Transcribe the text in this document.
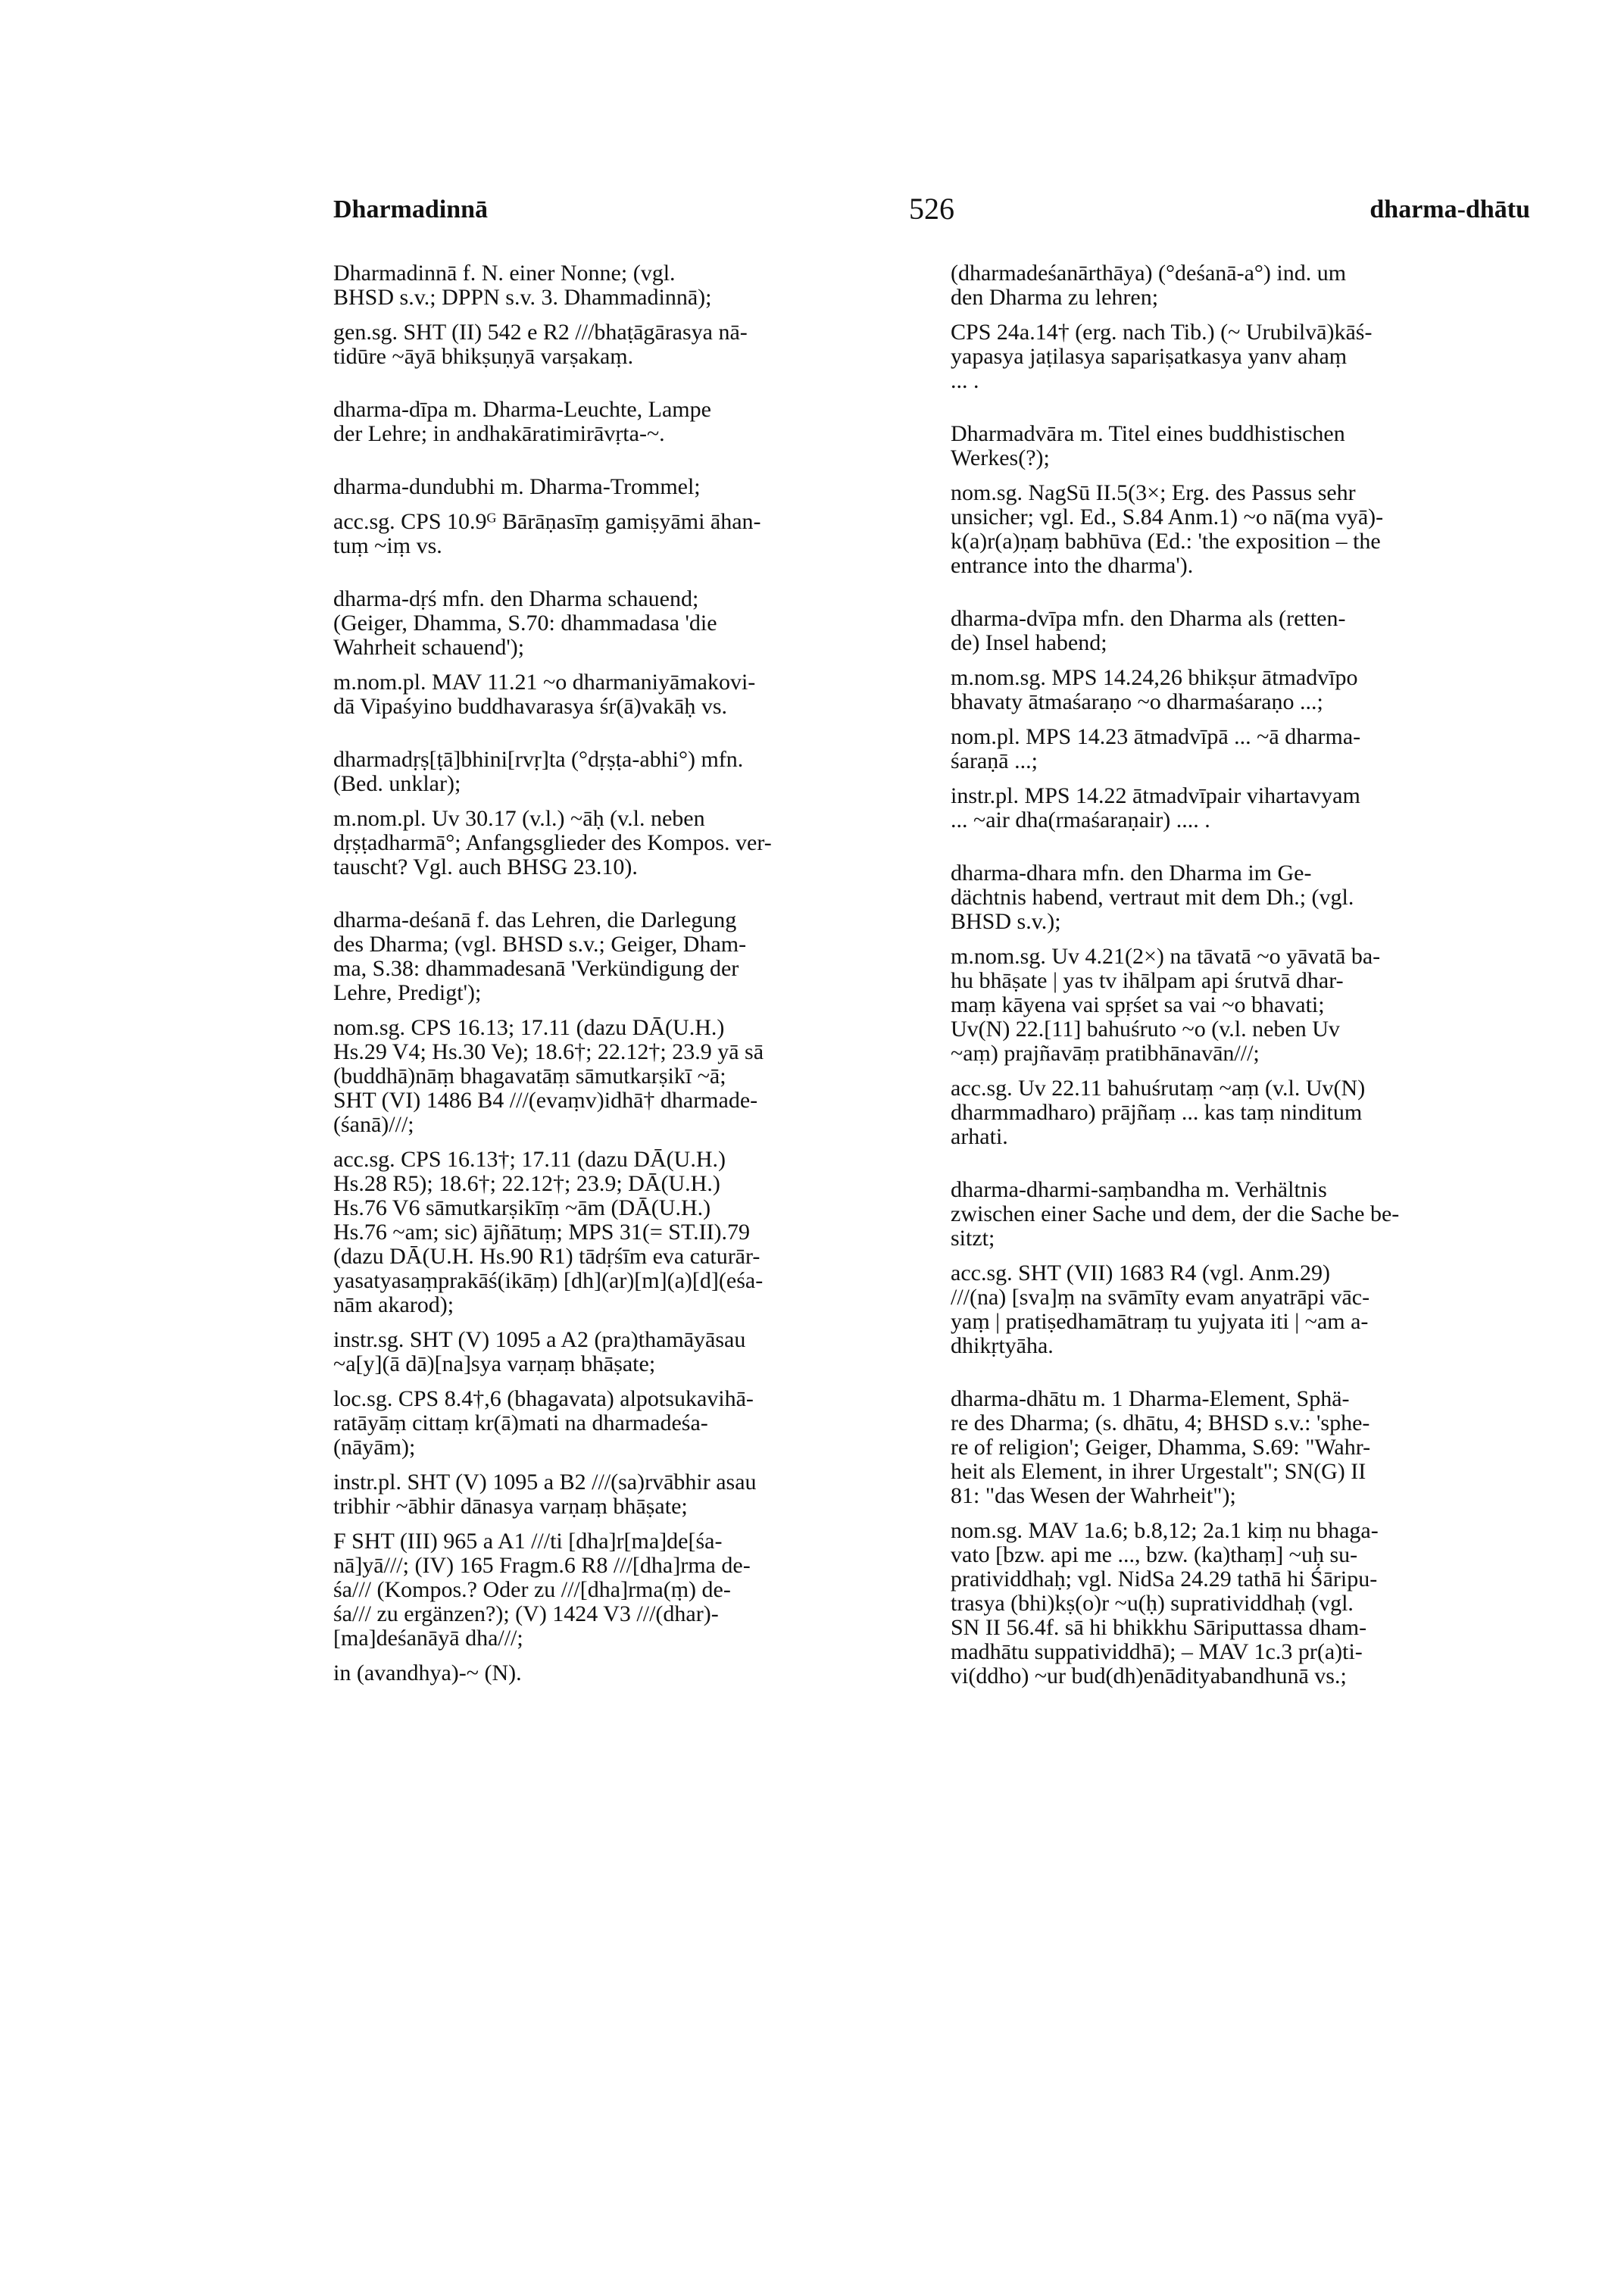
Dharmadinnā	526	dharma-dhātu
Dharmadinnā f. N. einer Nonne; (vgl.
BHSD s.v.; DPPN s.v. 3. Dhammadinnā);
gen.sg. SHT (II) 542 e R2 ///bhaṭāgārasya nā-
tidūre ~āyā bhikṣuṇyā varṣakaṃ.
dharma-dīpa m. Dharma-Leuchte, Lampe
der Lehre; in andhakāratimirāvṛta-~.
dharma-dundubhi m. Dharma-Trommel;
acc.sg. CPS 10.9ᴳ Bārāṇasīṃ gamiṣyāmi āhan-
tuṃ ~iṃ vs.
dharma-dṛś mfn. den Dharma schauend;
(Geiger, Dhamma, S.70: dhammadasa 'die
Wahrheit schauend');
m.nom.pl. MAV 11.21 ~o dharmaniyāmakovi-
dā Vipaśyino buddhavarasya śr(ā)vakāḥ vs.
dharmadṛṣ[ṭā]bhini[rvṛ]ta (°dṛṣṭa-abhi°) mfn.
(Bed. unklar);
m.nom.pl. Uv 30.17 (v.l.) ~āḥ (v.l. neben
dṛṣṭadharmā°; Anfangsglieder des Kompos. ver-
tauscht? Vgl. auch BHSG 23.10).
dharma-deśanā f. das Lehren, die Darlegung
des Dharma; (vgl. BHSD s.v.; Geiger, Dham-
ma, S.38: dhammadesanā 'Verkündigung der
Lehre, Predigt');
nom.sg. CPS 16.13; 17.11 (dazu DĀ(U.H.)
Hs.29 V4; Hs.30 Ve); 18.6†; 22.12†; 23.9 yā sā
(buddhā)nāṃ bhagavatāṃ sāmutkarṣikī ~ā;
SHT (VI) 1486 B4 ///(evaṃv)idhā† dharmade-
(śanā)///;
acc.sg. CPS 16.13†; 17.11 (dazu DĀ(U.H.)
Hs.28 R5); 18.6†; 22.12†; 23.9; DĀ(U.H.)
Hs.76 V6 sāmutkarṣikīṃ ~ām (DĀ(U.H.)
Hs.76 ~am; sic) ājñātuṃ; MPS 31(= ST.II).79
(dazu DĀ(U.H. Hs.90 R1) tādṛśīm eva caturār-
yasatyasaṃprakāś(ikāṃ) [dh](ar)[m](a)[d](eśa-
nām akarod);
instr.sg. SHT (V) 1095 a A2 (pra)thamāyāsau
~a[y](ā dā)[na]sya varṇaṃ bhāṣate;
loc.sg. CPS 8.4†,6 (bhagavata) alpotsukavihā-
ratāyāṃ cittaṃ kr(ā)mati na dharmadeśa-
(nāyām);
instr.pl. SHT (V) 1095 a B2 ///(sa)rvābhir asau
tribhir ~ābhir dānasya varṇaṃ bhāṣate;
F SHT (III) 965 a A1 ///ti [dha]r[ma]de[śa-
nā]yā///; (IV) 165 Fragm.6 R8 ///[dha]rma de-
śa/// (Kompos.? Oder zu ///[dha]rma(ṃ) de-
śa/// zu ergänzen?); (V) 1424 V3 ///(dhar)-
[ma]deśanāyā dha///;
in (avandhya)-~ (N).
(dharmadeśanārthāya) (°deśanā-a°) ind. um
den Dharma zu lehren;
CPS 24a.14† (erg. nach Tib.) (~ Urubilvā)kāś-
yapasya jaṭilasya sapariṣatkasya yanv ahaṃ
... .
Dharmadvāra m. Titel eines buddhistischen
Werkes(?);
nom.sg. NagSū II.5(3×; Erg. des Passus sehr
unsicher; vgl. Ed., S.84 Anm.1) ~o nā(ma vyā)-
k(a)r(a)ṇaṃ babhūva (Ed.: 'the exposition – the
entrance into the dharma').
dharma-dvīpa mfn. den Dharma als (retten-
de) Insel habend;
m.nom.sg. MPS 14.24,26 bhikṣur ātmadvīpo
bhavaty ātmaśaraṇo ~o dharmaśaraṇo ...;
nom.pl. MPS 14.23 ātmadvīpā ... ~ā dharma-
śaraṇā ...;
instr.pl. MPS 14.22 ātmadvīpair vihartavyam
... ~air dha(rmaśaraṇair) .... .
dharma-dhara mfn. den Dharma im Ge-
dächtnis habend, vertraut mit dem Dh.; (vgl.
BHSD s.v.);
m.nom.sg. Uv 4.21(2×) na tāvatā ~o yāvatā ba-
hu bhāṣate | yas tv ihālpam api śrutvā dhar-
maṃ kāyena vai spṛśet sa vai ~o bhavati;
Uv(N) 22.[11] bahuśruto ~o (v.l. neben Uv
~aṃ) prajñavāṃ pratibhānavān///;
acc.sg. Uv 22.11 bahuśrutaṃ ~aṃ (v.l. Uv(N)
dharmmadharo) prājñaṃ ... kas taṃ ninditum
arhati.
dharma-dharmi-saṃbandha m. Verhältnis
zwischen einer Sache und dem, der die Sache be-
sitzt;
acc.sg. SHT (VII) 1683 R4 (vgl. Anm.29)
///(na) [sva]ṃ na svāmīty evam anyatrāpi vāc-
yaṃ | pratiṣedhamātraṃ tu yujyata iti | ~am a-
dhikṛtyāha.
dharma-dhātu m. 1 Dharma-Element, Sphä-
re des Dharma; (s. dhātu, 4; BHSD s.v.: 'sphe-
re of religion'; Geiger, Dhamma, S.69: "Wahr-
heit als Element, in ihrer Urgestalt"; SN(G) II
81: "das Wesen der Wahrheit");
nom.sg. MAV 1a.6; b.8,12; 2a.1 kiṃ nu bhaga-
vato [bzw. api me ..., bzw. (ka)thaṃ] ~uḥ su-
pratividdhaḥ; vgl. NidSa 24.29 tathā hi Śāripu-
trasya (bhi)kṣ(o)r ~u(ḥ) supratividdhaḥ (vgl.
SN II 56.4f. sā hi bhikkhu Sāriputtassa dham-
madhātu suppatividdhā); – MAV 1c.3 pr(a)ti-
vi(ddho) ~ur bud(dh)enādityabandhunā vs.;
